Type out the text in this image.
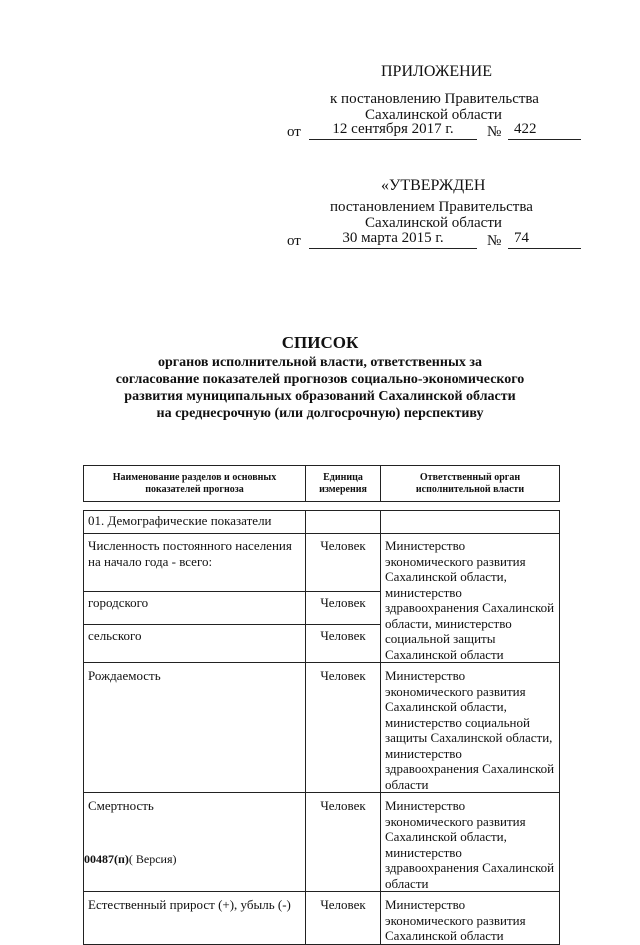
ПРИЛОЖЕНИЕ
к постановлению Правительства
Сахалинской области
от	12 сентября 2017 г.	№ 422
«УТВЕРЖДЕН
постановлением Правительства
Сахалинской области
от	30 марта 2015 г.	№ 74
СПИСОК
органов исполнительной власти, ответственных за
согласование показателей прогнозов социально-экономического
развития муниципальных образований Сахалинской области
на среднесрочную (или долгосрочную) перспективу
Наименование разделов и основных показателей прогноза	Единица измерения	Ответственный орган исполнительной власти

01. Демографические показатели		
Численность постоянного населения на начало года - всего:	Человек	Министерство экономического развития Сахалинской области, министерство здравоохранения Сахалинской области, министерство социальной защиты Сахалинской области
городского	Человек	
сельского	Человек	
Рождаемость	Человек	Министерство экономического развития Сахалинской области, министерство социальной защиты Сахалинской области, министерство здравоохранения Сахалинской области
Смертность	Человек	Министерство экономического развития Сахалинской области, министерство здравоохранения Сахалинской области
Естественный прирост (+), убыль (-)	Человек	Министерство экономического развития Сахалинской области
00487(п)( Версия)
